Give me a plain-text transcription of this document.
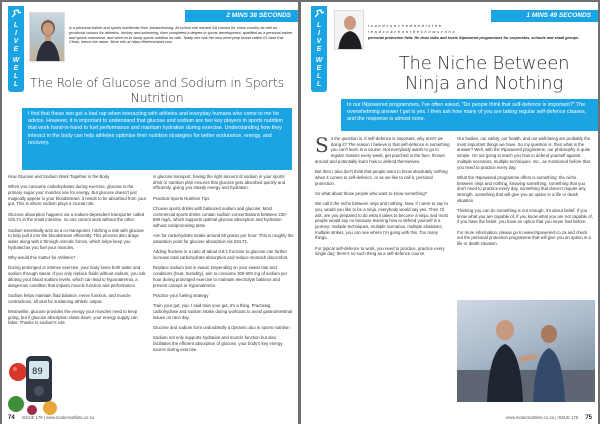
L
I
V
E
W
E
L
L
2 MINS 38 SECONDS
is a personal trainer and sports nutritionist from Johannesburg. At school she earned SA colours for cross country as well as provincial colours for athletics, hockey and swimming, then completed a degree in sports development, qualified as a personal trainer and sports masseuse, and went on to study sports nutrition as well. Today she has her own meal prep brand called GI Jane Eat-Clean, hence the name. More info at https://thefreshstart.com
The Role of Glucose and Sodium in Sports Nutrition
I find that these two get a bad rap when interacting with athletes and everyday humans who come to me for advice. However, it is important to understand that glucose and sodium are two key players in sports nutrition that work hand-in-hand to fuel performance and maintain hydration during exercise. Understanding how they interact in the body can help athletes optimise their nutrition strategies for better endurance, energy, and recovery.

How Glucose and Sodium Work Together in the Body

When you consume carbohydrates during exercise, glucose is the primary sugar your muscles use for energy. But glucose doesn't just magically appear in your bloodstream: it needs to be absorbed from your gut. This is where sodium plays a crucial role.

Glucose absorption happens via a sodium-dependent transporter called SGLT1 in the small intestine, so one cannot work without the other.

Sodium essentially acts as a co-transporter, hitching a ride with glucose to help pull it into the bloodstream efficiently. This process also drags water along with it through osmotic forces, which helps keep you hydrated as you fuel your muscles.

Why would this matter for Athletes?

During prolonged or intense exercise, your body loses both water and sodium through sweat. If you only replace fluids without sodium, you risk diluting your blood sodium levels, which can lead to hyponatremia, a dangerous condition that impairs muscle function and performance.

Sodium helps maintain fluid balance, nerve function, and muscle contractions, all vital for sustaining athletic output.

Meanwhile, glucose provides the energy your muscles need to keep going, but if glucose absorption slows down, your energy supply can falter. Thanks to sodium's role

in glucose transport, having the right amount of sodium in your sports drink or nutrition plan ensures that glucose gets absorbed quickly and efficiently, giving you steady energy and hydration.

Practical Sports Nutrition Tips

Choose sports drinks with balanced sodium and glucose: Most commercial sports drinks contain sodium concentrations between 230-690 mg/L, which supports optimal glucose absorption and hydration without compromising taste.

Aim for carbohydrate intake around 60 grams per hour: This is roughly the saturation point for glucose absorption via SGLT1.

Adding fructose in a ratio of about 0.8:1 fructose to glucose can further increase total carbohydrate absorption and reduce stomach discomfort.

Replace sodium lost in sweat: Depending on your sweat rate and conditions (heat, humidity), aim to consume 300-600 mg of sodium per hour during prolonged exercise to maintain electrolyte balance and prevent cramps or hyponatremia.

Practice your fueling strategy

Train your gut; yup, I said train your gut, it's a thing. Practising carbohydrate and sodium intake during workouts to avoid gastrointestinal issues on race day.

Glucose and sodium form undoubtedly a dynamic duo in sports nutrition

Sodium not only supports hydration and muscle function but also facilitates the efficient absorption of glucose, your body's key energy source during exercise.

89
74 ISSUE 178 | www.modernathlete.co.za
L
I
V
E
W
E
L
L
1 MINS 49 SECONDS
i s a n d c o a c h e d a n d i s t h e
l e a d c o a c h o n t h e s h o w s c o n s
personal protection field. He does talks and hosts INpowered programmes for corporates, schools and small groups.
The Niche Between Ninja and Nothing
In our INpowered programmes, I've often asked, "Do people think that self-defence is important?" The overwhelming answer I get is yes. I then ask how many of you are taking regular self-defence classes, and the response is almost none.

So the question is, if self-defence is important, why aren't we doing it? The reason I believe is that self-defence is something you can't learn in a course. Not everybody wants to go to regular classes every week, get punched in the face, thrown around and potentially learn how to defend themselves.

But then I also don't think that people want to know absolutely nothing when it comes to self-defence, or as we like to call it, personal protection.

So what about those people who want to know something?

We call it the niche between ninja and nothing. Now, if I were to say to you, would you like to be a ninja, everybody would say yes. Then I'd ask, are you prepared to do what it takes to become a ninja, and most people would say no because learning how to defend yourself is a journey: multiple techniques, multiple scenarios, multiple situations, multiple strikes, you can see where I'm going with this. Too many things.

For typical self-defence to work, you need to practice, practice every single day; there's no such thing as a self-defence course.

Our bodies, our safety, our health, and our well-being are probably the most important things we have. So my question is, then what is the answer? Well, with the INpowered programme, our philosophy is quite simple: I'm not going to teach you how to defend yourself against multiple scenarios, multiple techniques, etc., as mentioned before that you need to practice every day.

What the INpowered programme offers is something: the niche between ninja and nothing, knowing something, something that you don't need to practice every day, something that doesn't require any strength, something that will give you an option in a life or death situation.

Thinking you can do something is not enough; it's about belief. If you know what you are capable of, if you know what you are not capable of, if you have the belief, you have an option that you never had before.

For more information, please go to www.INpowered.co.za and check out the personal protection programme that will give you an option in a life or death situation.

www.modernathlete.co.za | ISSUE 178 75
